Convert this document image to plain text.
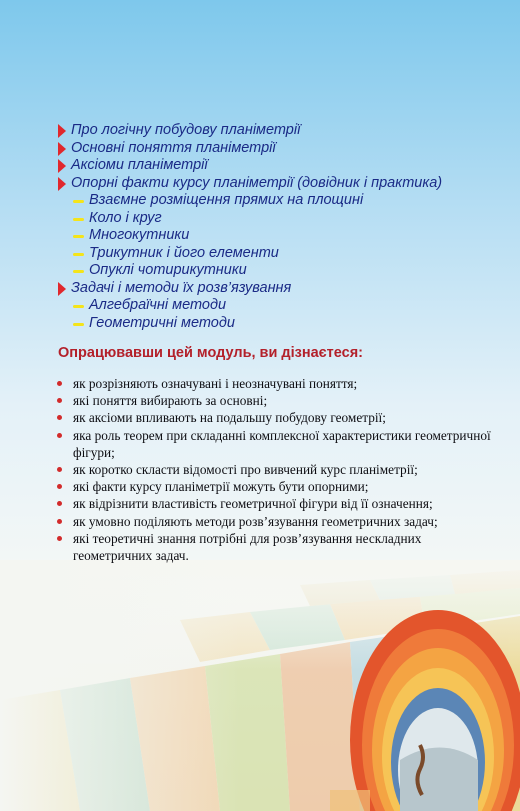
Про логічну побудову планіметрії
Основні поняття планіметрії
Аксіоми планіметрії
Опорні факти курсу планіметрії (довідник і практика)
Взаємне розміщення прямих на площині
Коло і круг
Многокутники
Трикутник і його елементи
Опуклі чотирикутники
Задачі і методи їх розв’язування
Алгебраїчні методи
Геометричні методи
Опрацювавши цей модуль, ви дізнаєтеся:
як розрізняють означувані і неозначувані поняття;
які поняття вибирають за основні;
як аксіоми впливають на подальшу побудову геометрії;
яка роль теорем при складанні комплексної характеристики геометричної фігури;
як коротко скласти відомості про вивчений курс планіметрії;
які факти курсу планіметрії можуть бути опорними;
як відрізнити властивість геометричної фігури від її означення;
як умовно поділяють методи розв’язування геометричних задач;
які теоретичні знання потрібні для розв’язування нескладних геометричних задач.
